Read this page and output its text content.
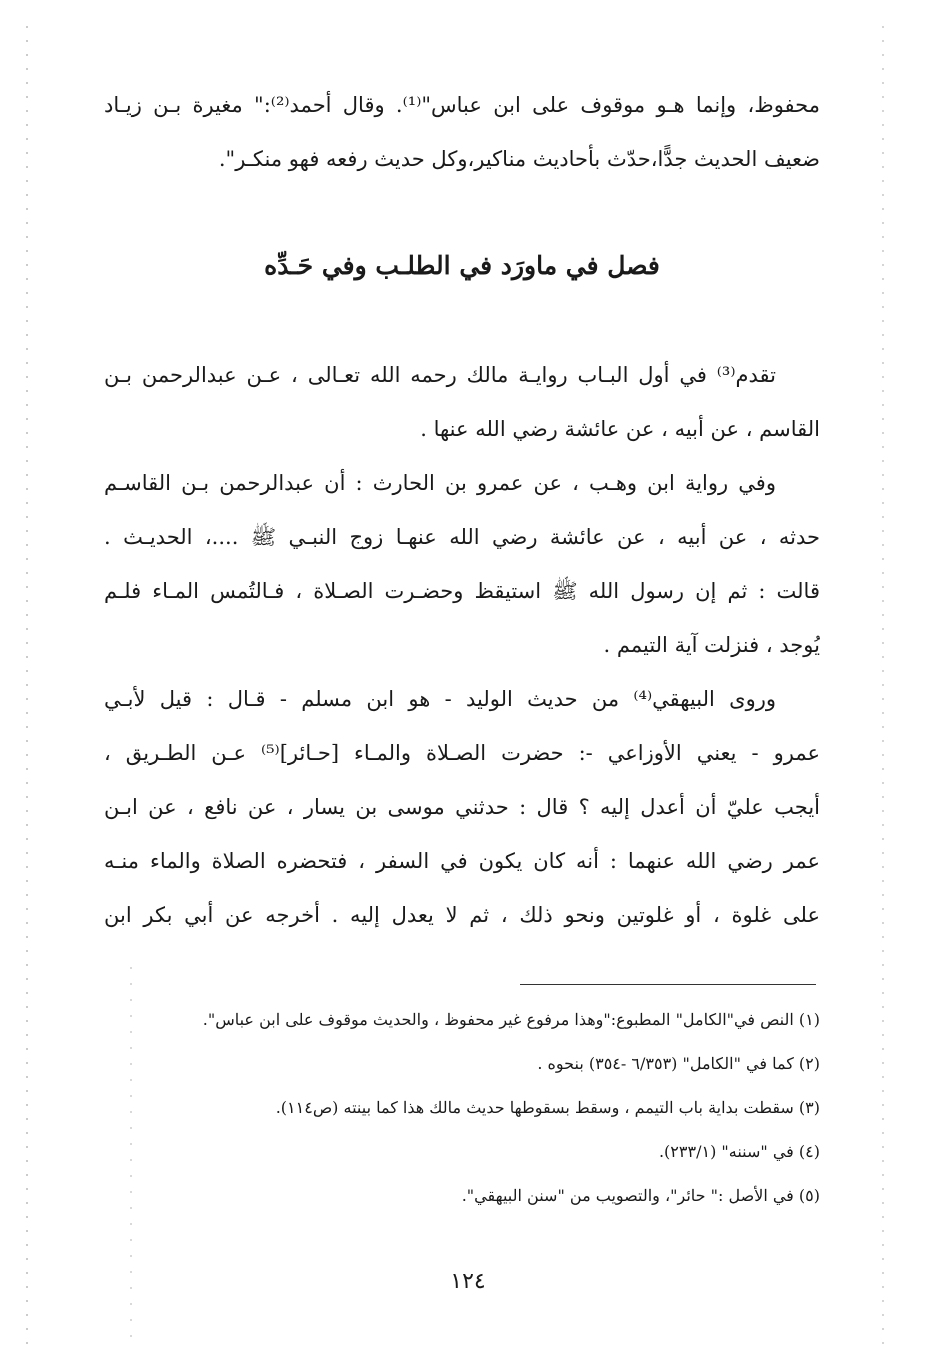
محفوظ، وإنما هـو موقوف على ابن عباس"⁽¹⁾. وقال أحمد⁽²⁾:" مغيرة بـن زيـاد
ضعيف الحديث جدًّا،حدّث بأحاديث مناكير،وكل حديث رفعه فهو منكـر".
فصل في ماورَد في الطلـب وفي حَـدِّه
تقدم⁽³⁾ في أول البـاب روايـة مالك رحمه الله تعـالى ، عـن عبدالرحمن بـن
القاسم ، عن أبيه ، عن عائشة رضي الله عنها .
وفي رواية ابن وهـب ، عن عمرو بن الحارث : أن عبدالرحمن بـن القاسـم
حدثه ، عن أبيه ، عن عائشة رضي الله عنهـا زوج النبـي ﷺ ....، الحديـث .
قالت : ثم إن رسول الله ﷺ استيقظ وحضـرت الصـلاة ، فـالتُمس المـاء فلـم
يُوجد ، فنزلت آية التيمم .
وروى البيهقي⁽⁴⁾ من حديث الوليد - هو ابن مسلم - قـال : قيل لأبـي
عمرو - يعني الأوزاعي -: حضرت الصـلاة والمـاء [حـائر]⁽⁵⁾ عـن الطـريق ،
أيجب عليّ أن أعدل إليه ؟ قال : حدثني موسى بن يسار ، عن نافع ، عن ابـن
عمر رضي الله عنهما : أنه كان يكون في السفر ، فتحضره الصلاة والماء منـه
على غلوة ، أو غلوتين ونحو ذلك ، ثم لا يعدل إليه . أخرجه عن أبي بكر ابن
(١) النص في"الكامل" المطبوع:"وهذا مرفوع غير محفوظ ، والحديث موقوف على ابن عباس".
(٢) كما في "الكامل" (٦/٣٥٣ -٣٥٤) بنحوه .
(٣) سقطت بداية باب التيمم ، وسقط بسقوطها حديث مالك هذا كما بينته (ص١١٤).
(٤) في "سننه" (٢٣٣/١).
(٥) في الأصل :" حائر"، والتصويب من "سنن البيهقي".
١٢٤
